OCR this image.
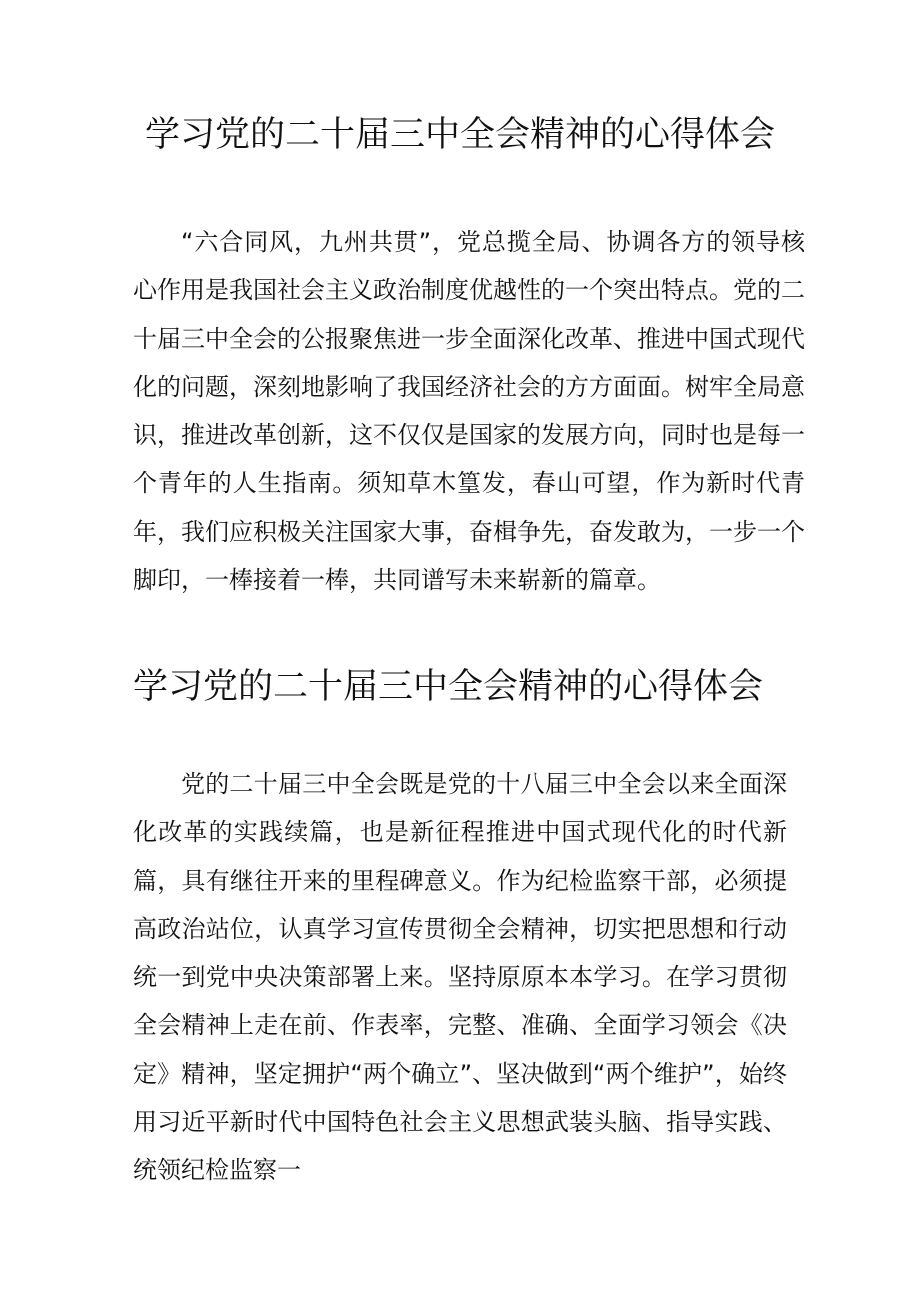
学习党的二十届三中全会精神的心得体会

“六合同风，九州共贯”，党总揽全局、协调各方的领导核心作用是我国社会主义政治制度优越性的一个突出特点。党的二十届三中全会的公报聚焦进一步全面深化改革、推进中国式现代化的问题，深刻地影响了我国经济社会的方方面面。树牢全局意识，推进改革创新，这不仅仅是国家的发展方向，同时也是每一个青年的人生指南。须知草木篁发，春山可望，作为新时代青年，我们应积极关注国家大事，奋楫争先，奋发敢为，一步一个脚印，一棒接着一棒，共同谱写未来崭新的篇章。

学习党的二十届三中全会精神的心得体会

党的二十届三中全会既是党的十八届三中全会以来全面深化改革的实践续篇，也是新征程推进中国式现代化的时代新篇，具有继往开来的里程碑意义。作为纪检监察干部，必须提高政治站位，认真学习宣传贯彻全会精神，切实把思想和行动统一到党中央决策部署上来。坚持原原本本学习。在学习贯彻全会精神上走在前、作表率，完整、准确、全面学习领会《决定》精神，坚定拥护“两个确立”、坚决做到“两个维护”，始终用习近平新时代中国特色社会主义思想武装头脑、指导实践、统领纪检监察一
